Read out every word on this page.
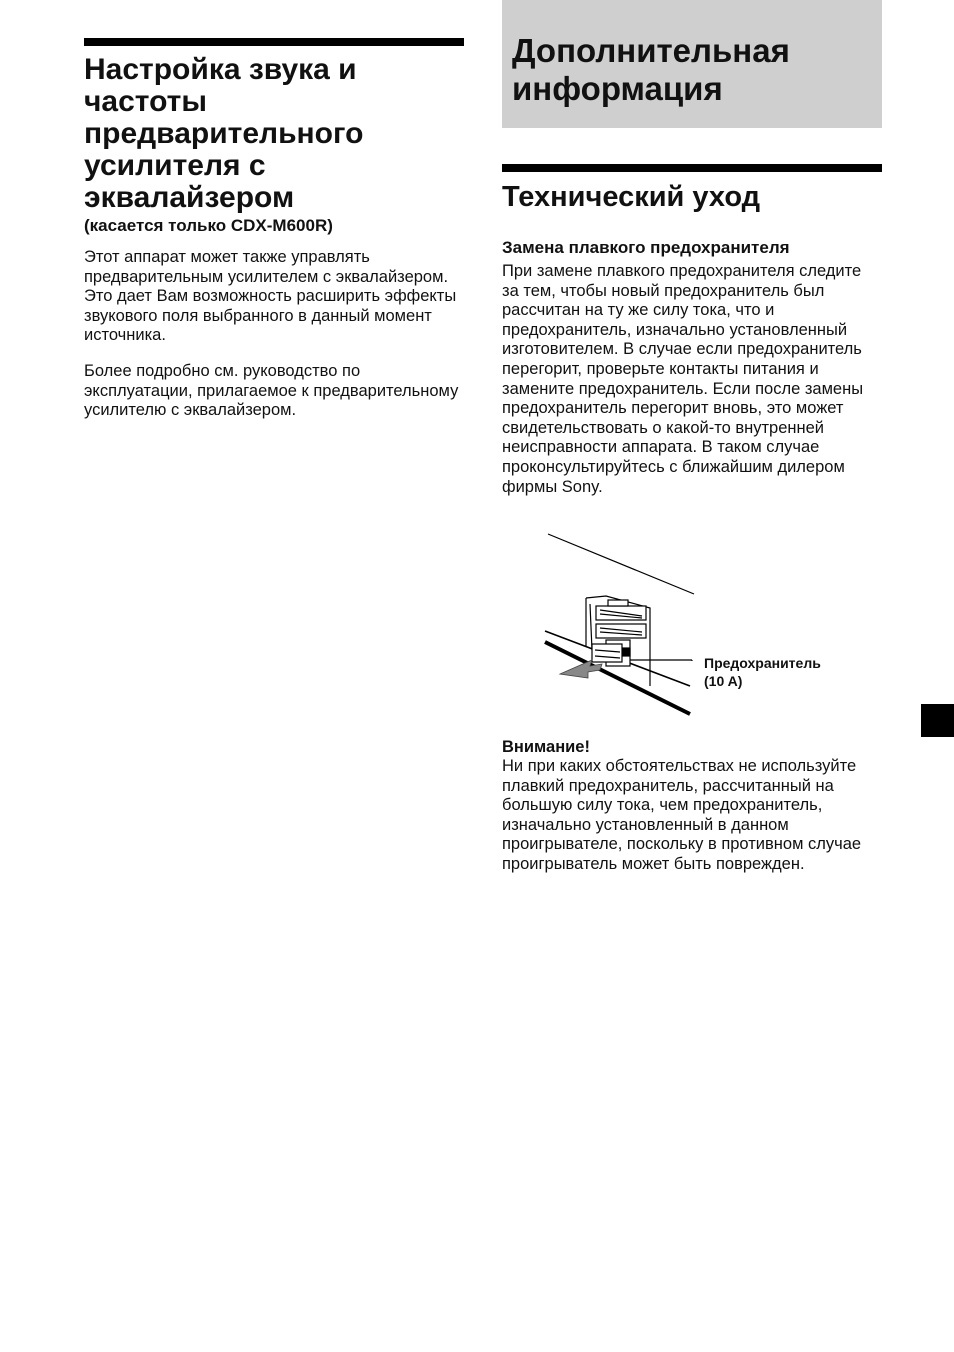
Настройка звука и частоты предварительного усилителя с эквалайзером
(касается только CDX-M600R)

Этот аппарат может также управлять предварительным усилителем с эквалайзером.

Это дает Вам возможность расширить эффекты звукового поля выбранного в данный момент источника.

Более подробно см. руководство по эксплуатации, прилагаемое к предварительному усилителю с эквалайзером.

Дополнительная информация
Технический уход
Замена плавкого предохранителя

При замене плавкого предохранителя следите за тем, чтобы новый предохранитель был рассчитан на ту же силу тока, что и предохранитель, изначально установленный изготовителем. В случае если предохранитель перегорит, проверьте контакты питания и замените предохранитель. Если после замены предохранитель перегорит вновь, это может свидетельствовать о какой-то внутренней неисправности аппарата. В таком случае проконсультируйтесь с ближайшим дилером фирмы Sony.

Предохранитель
(10 A)

Внимание!

Ни при каких обстоятельствах не используйте плавкий предохранитель, рассчитанный на большую силу тока, чем предохранитель, изначально установленный в данном проигрывателе, поскольку в противном случае проигрыватель может быть поврежден.
